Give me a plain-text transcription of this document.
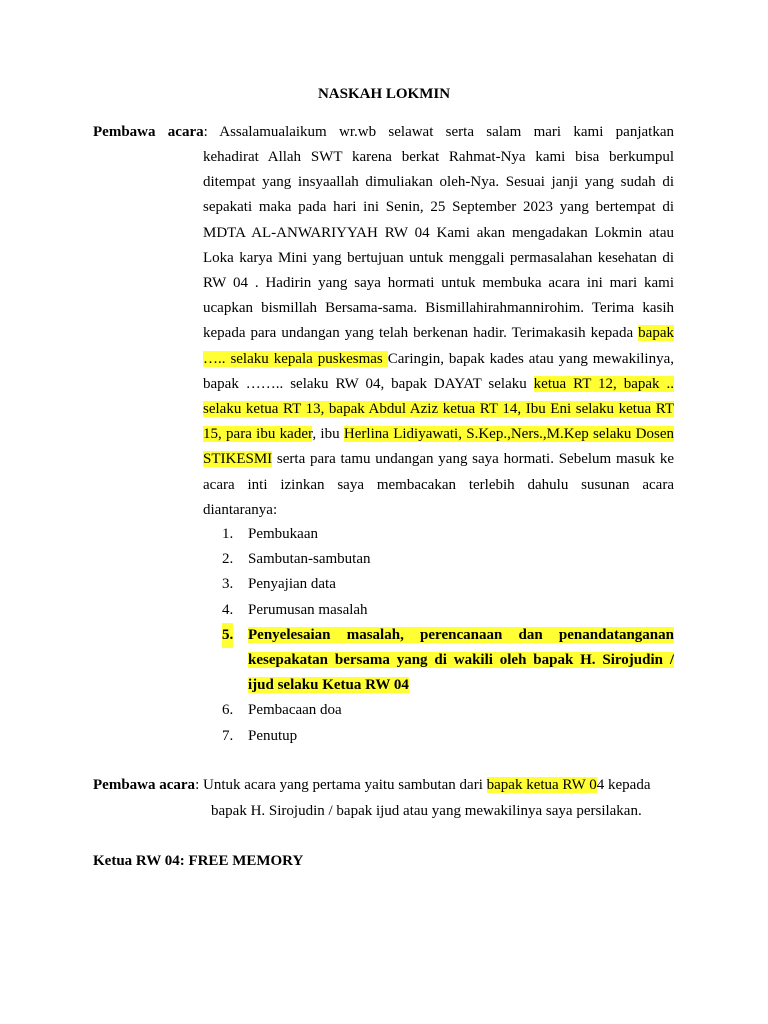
NASKAH LOKMIN
Pembawa acara: Assalamualaikum wr.wb selawat serta salam mari kami panjatkan
kehadirat Allah SWT karena berkat Rahmat-Nya kami bisa berkumpul ditempat yang insyaallah dimuliakan oleh-Nya. Sesuai janji yang sudah di sepakati maka pada hari ini Senin, 25 September 2023 yang bertempat di MDTA AL-ANWARIYYAH RW 04 Kami akan mengadakan Lokmin atau Loka karya Mini yang bertujuan untuk menggali permasalahan kesehatan di RW 04 . Hadirin yang saya hormati untuk membuka acara ini mari kami ucapkan bismillah Bersama-sama. Bismillahirahmannirohim. Terima kasih kepada para undangan yang telah berkenan hadir. Terimakasih kepada bapak ….. selaku kepala puskesmas Caringin, bapak kades atau yang mewakilinya, bapak …….. selaku RW 04, bapak DAYAT selaku ketua RT 12, bapak .. selaku ketua RT 13, bapak Abdul Aziz ketua RT 14, Ibu Eni selaku ketua RT 15, para ibu kader, ibu Herlina Lidiyawati, S.Kep.,Ners.,M.Kep selaku Dosen STIKESMI serta para tamu undangan yang saya hormati. Sebelum masuk ke acara inti izinkan saya membacakan terlebih dahulu susunan acara diantaranya:
1. Pembukaan
2. Sambutan-sambutan
3. Penyajian data
4. Perumusan masalah
5. Penyelesaian masalah, perencanaan dan penandatanganan kesepakatan bersama yang di wakili oleh bapak H. Sirojudin / ijud selaku Ketua RW 04
6. Pembacaan doa
7. Penutup
Pembawa acara: Untuk acara yang pertama yaitu sambutan dari bapak ketua RW 04 kepada
bapak H. Sirojudin / bapak ijud atau yang mewakilinya saya persilakan.
Ketua RW 04: FREE MEMORY
